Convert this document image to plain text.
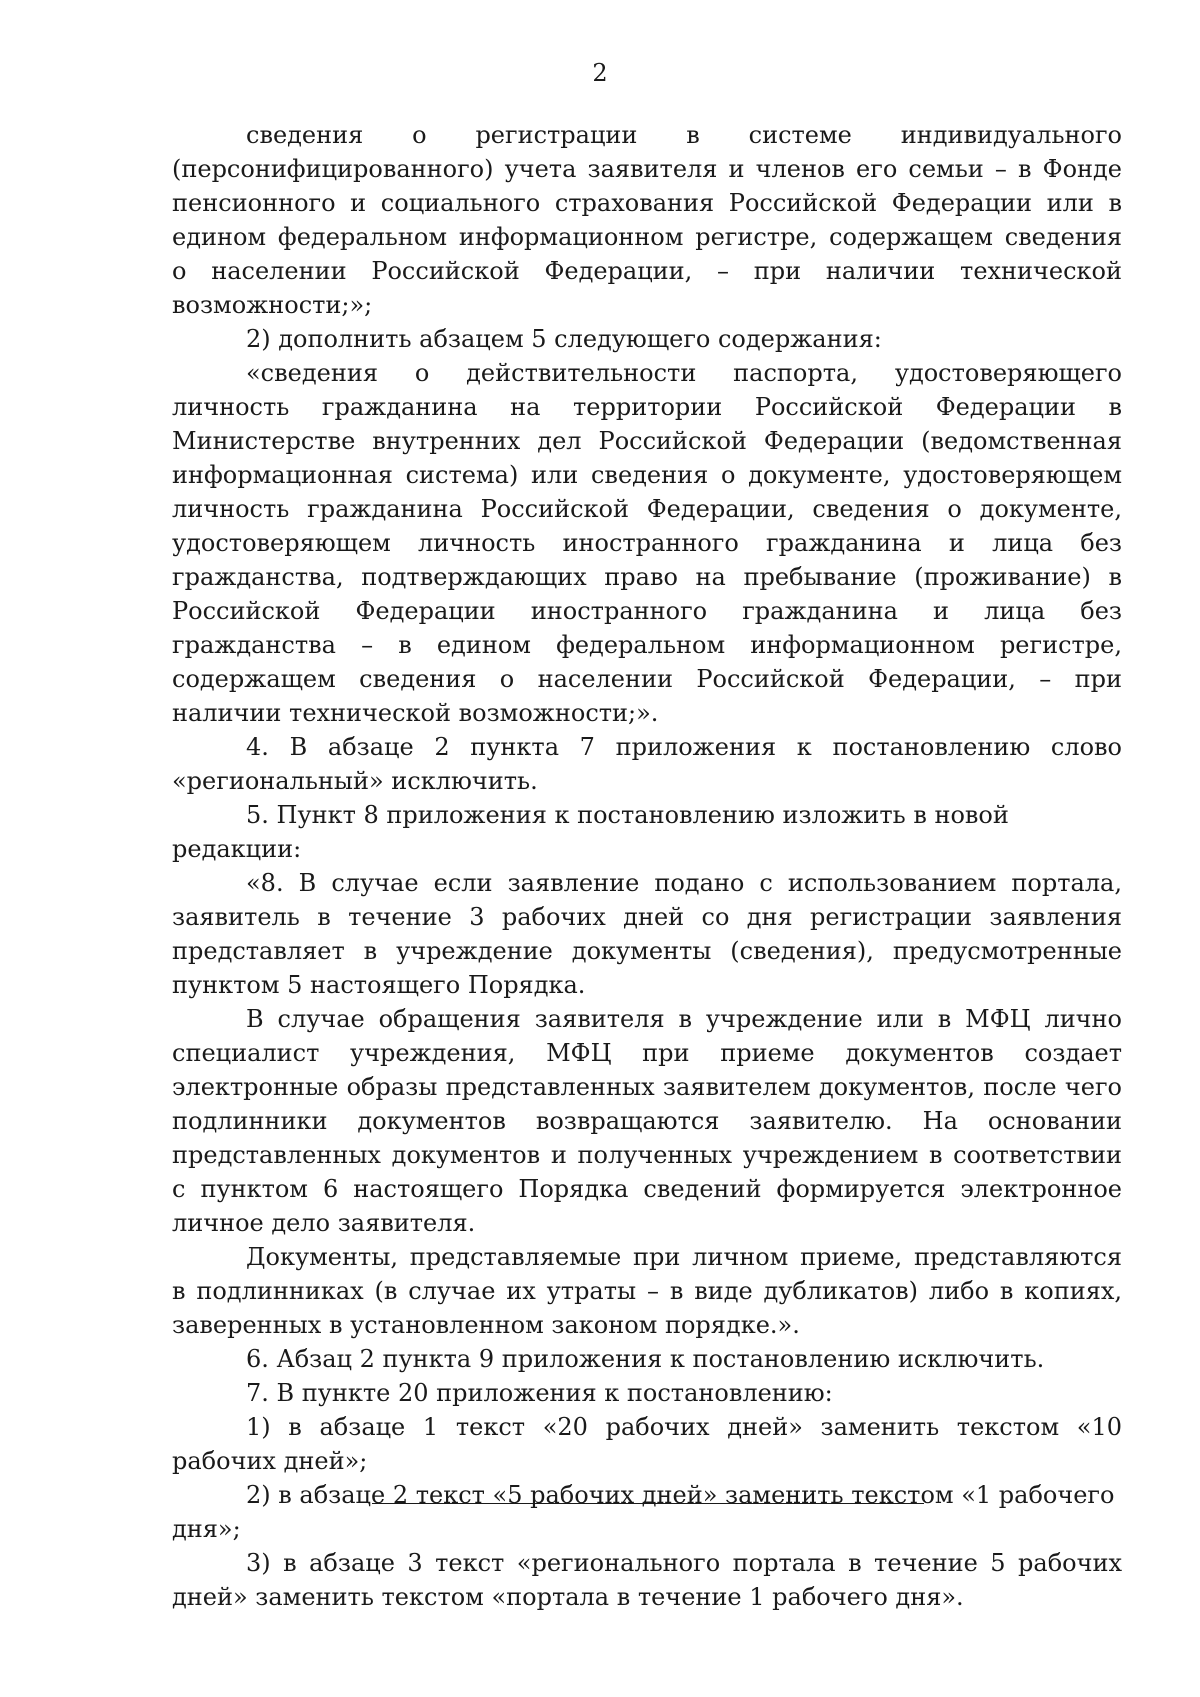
2

сведения о регистрации в системе индивидуального (персонифицированного) учета заявителя и членов его семьи – в Фонде пенсионного и социального страхования Российской Федерации или в едином федеральном информационном регистре, содержащем сведения о населении Российской Федерации, – при наличии технической возможности;»;

2) дополнить абзацем 5 следующего содержания:

«сведения о действительности паспорта, удостоверяющего личность гражданина на территории Российской Федерации в Министерстве внутренних дел Российской Федерации (ведомственная информационная система) или сведения о документе, удостоверяющем личность гражданина Российской Федерации, сведения о документе, удостоверяющем личность иностранного гражданина и лица без гражданства, подтверждающих право на пребывание (проживание) в Российской Федерации иностранного гражданина и лица без гражданства – в едином федеральном информационном регистре, содержащем сведения о населении Российской Федерации, – при наличии технической возможности;».

4. В абзаце 2 пункта 7 приложения к постановлению слово «региональный» исключить.

5. Пункт 8 приложения к постановлению изложить в новой редакции:

«8. В случае если заявление подано с использованием портала, заявитель в течение 3 рабочих дней со дня регистрации заявления представляет в учреждение документы (сведения), предусмотренные пунктом 5 настоящего Порядка.

В случае обращения заявителя в учреждение или в МФЦ лично специалист учреждения, МФЦ при приеме документов создает электронные образы представленных заявителем документов, после чего подлинники документов возвращаются заявителю. На основании представленных документов и полученных учреждением в соответствии с пунктом 6 настоящего Порядка сведений формируется электронное личное дело заявителя.

Документы, представляемые при личном приеме, представляются в подлинниках (в случае их утраты – в виде дубликатов) либо в копиях, заверенных в установленном законом порядке.».

6. Абзац 2 пункта 9 приложения к постановлению исключить.

7. В пункте 20 приложения к постановлению:

1) в абзаце 1 текст «20 рабочих дней» заменить текстом «10 рабочих дней»;

2) в абзаце 2 текст «5 рабочих дней» заменить текстом «1 рабочего дня»;

3) в абзаце 3 текст «регионального портала в течение 5 рабочих дней» заменить текстом «портала в течение 1 рабочего дня».
